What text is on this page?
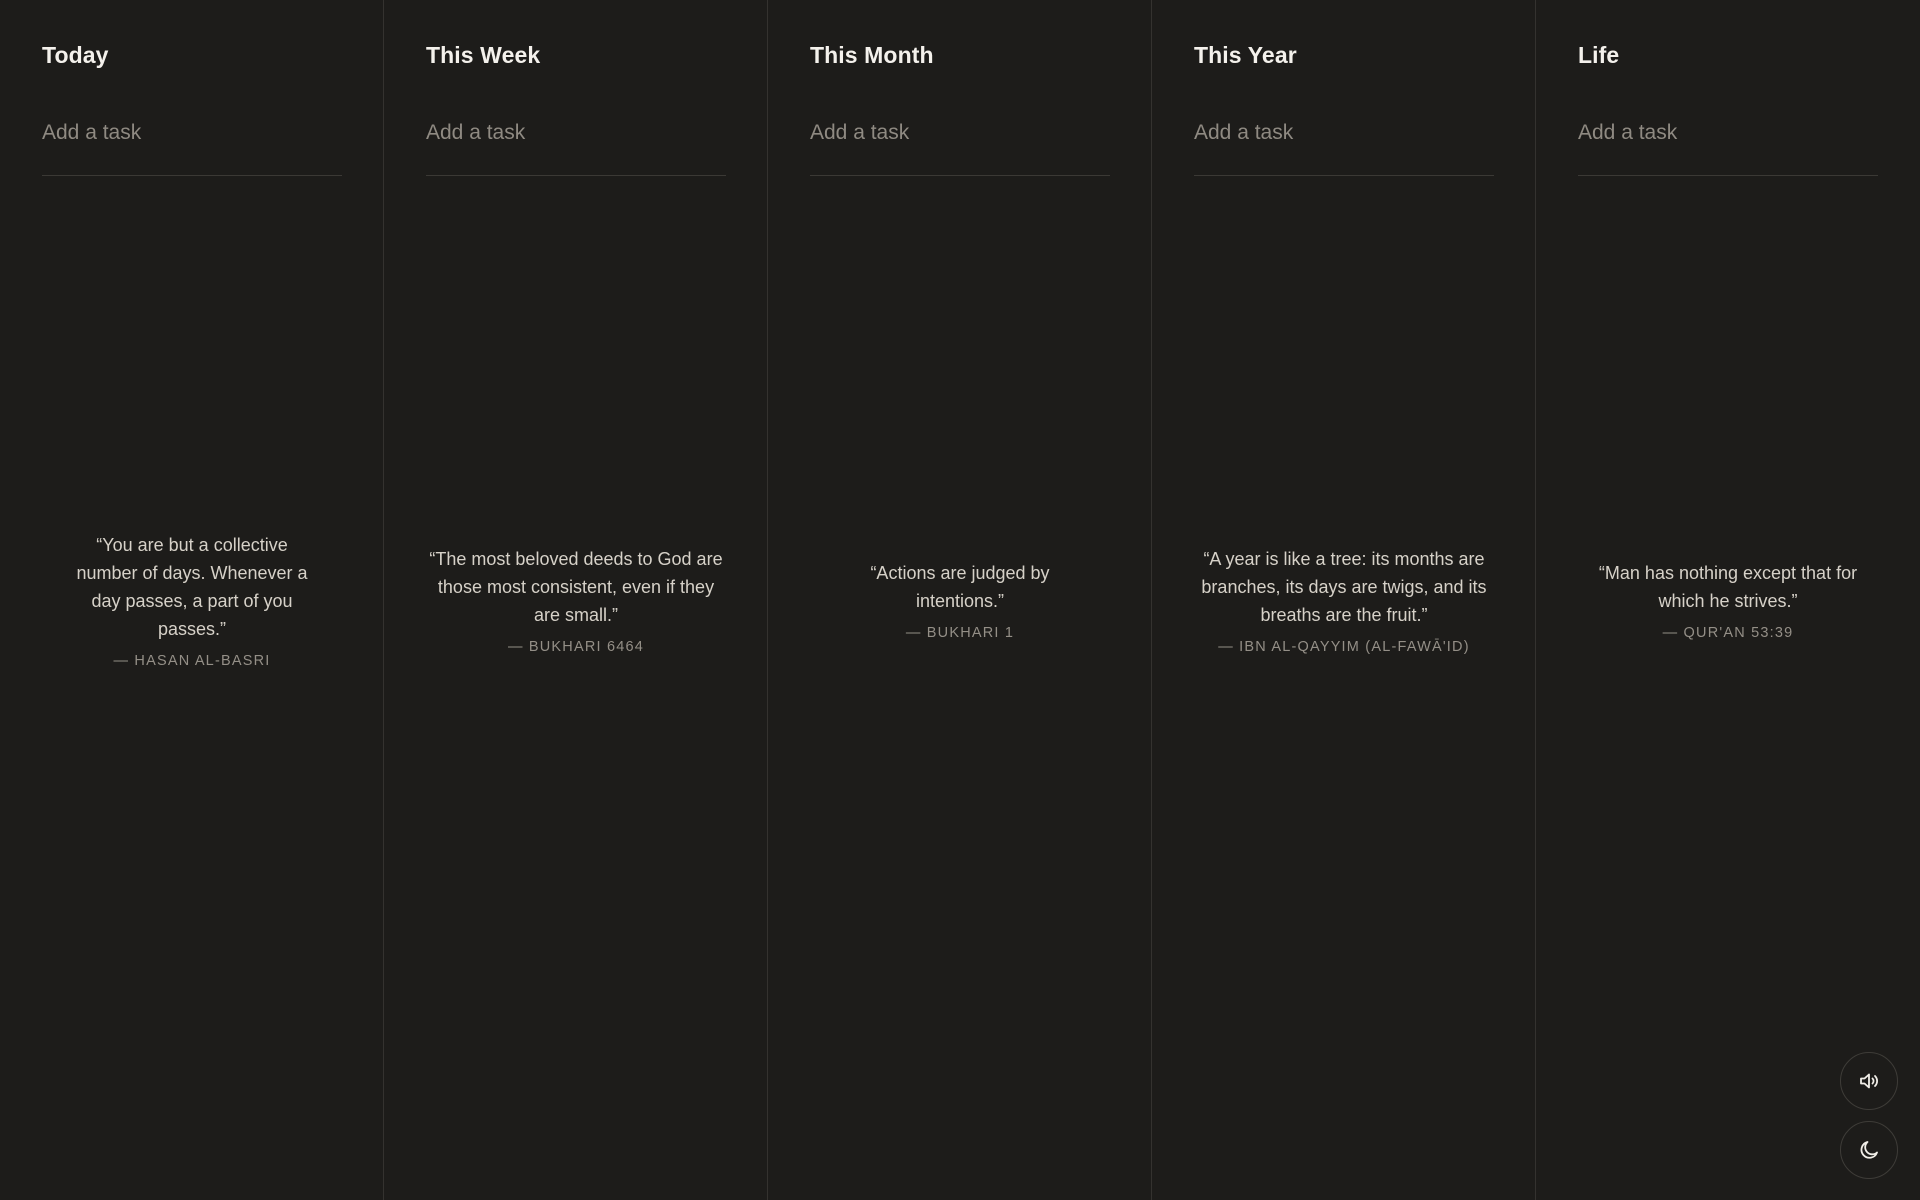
Today
Add a task

“You are but a collective number of days. Whenever a day passes, a part of you passes.”

— HASAN AL-BASRI
This Week
Add a task

“The most beloved deeds to God are those most consistent, even if they are small.”

— BUKHARI 6464
This Month
Add a task

“Actions are judged by intentions.”

— BUKHARI 1
This Year
Add a task

“A year is like a tree: its months are branches, its days are twigs, and its breaths are the fruit.”

— IBN AL-QAYYIM (AL-FAWĀ'ID)
Life
Add a task

“Man has nothing except that for which he strives.”

— QUR'AN 53:39
